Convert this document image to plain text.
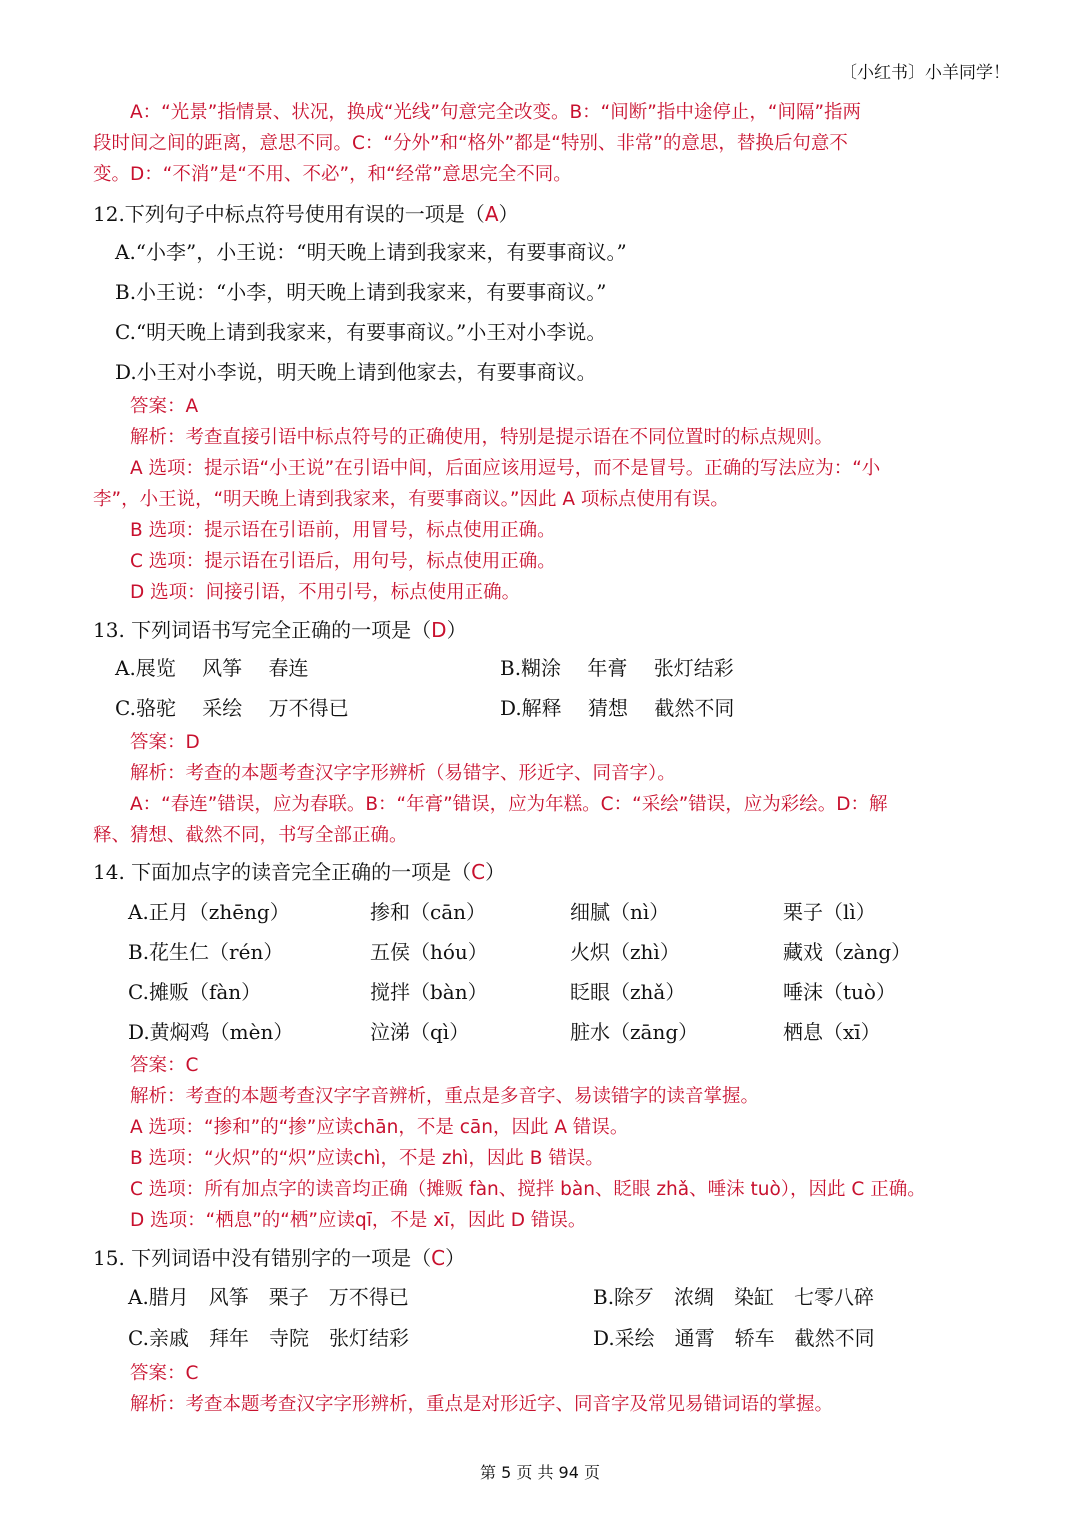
〔小红书〕小羊同学！
A：“光景”指情景、状况，换成“光线”句意完全改变。B：“间断”指中途停止，“间隔”指两
段时间之间的距离，意思不同。C：“分外”和“格外”都是“特别、非常”的意思，替换后句意不
变。D：“不消”是“不用、不必”，和“经常”意思完全不同。
12.下列句子中标点符号使用有误的一项是（A）
A.“小李”，小王说：“明天晚上请到我家来，有要事商议。”
B.小王说：“小李，明天晚上请到我家来，有要事商议。”
C.“明天晚上请到我家来，有要事商议。”小王对小李说。
D.小王对小李说，明天晚上请到他家去，有要事商议。
答案：A
解析：考查直接引语中标点符号的正确使用，特别是提示语在不同位置时的标点规则。
A 选项：提示语“小王说”在引语中间，后面应该用逗号，而不是冒号。正确的写法应为：“小
李”，小王说，“明天晚上请到我家来，有要事商议。”因此 A 项标点使用有误。
B 选项：提示语在引语前，用冒号，标点使用正确。
C 选项：提示语在引语后，用句号，标点使用正确。
D 选项：间接引语，不用引号，标点使用正确。
13. 下列词语书写完全正确的一项是（D）
A.展览　 风筝　 春连	B.糊涂　 年膏　 张灯结彩
C.骆驼　 采绘　 万不得已	D.解释　 猜想　 截然不同
答案：D
解析：考查的本题考查汉字字形辨析（易错字、形近字、同音字）。
A：“春连”错误，应为春联。B：“年膏”错误，应为年糕。C：“采绘”错误，应为彩绘。D：解
释、猜想、截然不同，书写全部正确。
14. 下面加点字的读音完全正确的一项是（C）
A.正月（zhēng）	掺和（cān）	细腻（nì）	栗子（lì）
B.花生仁（rén）	五侯（hóu）	火炽（zhì）	藏戏（zàng）
C.摊贩（fàn）	搅拌（bàn）	眨眼（zhǎ）	唾沫（tuò）
D.黄焖鸡（mèn）	泣涕（qì）	脏水（zāng）	栖息（xī）
答案：C
解析：考查的本题考查汉字字音辨析，重点是多音字、易读错字的读音掌握。
A 选项：“掺和”的“掺”应读chān，不是 cān，因此 A 错误。
B 选项：“火炽”的“炽”应读chì，不是 zhì，因此 B 错误。
C 选项：所有加点字的读音均正确（摊贩 fàn、搅拌 bàn、眨眼 zhǎ、唾沫 tuò），因此 C 正确。
D 选项：“栖息”的“栖”应读qī，不是 xī，因此 D 错误。
15. 下列词语中没有错别字的一项是（C）
A.腊月　风筝　栗子　万不得已	B.除歹　浓绸　染缸　七零八碎
C.亲戚　拜年　寺院　张灯结彩	D.采绘　通霄　轿车　截然不同
答案：C
解析：考查本题考查汉字字形辨析，重点是对形近字、同音字及常见易错词语的掌握。
第 5 页 共 94 页
